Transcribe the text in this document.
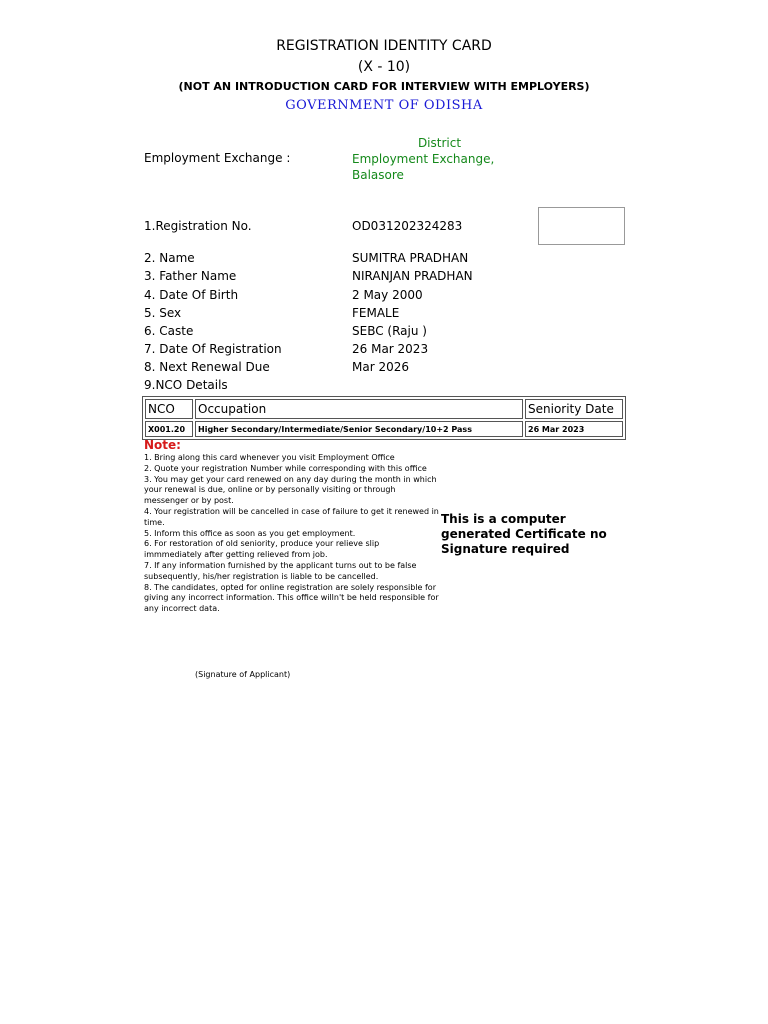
REGISTRATION IDENTITY CARD
(X - 10)
(NOT AN INTRODUCTION CARD FOR INTERVIEW WITH EMPLOYERS)
GOVERNMENT OF ODISHA
Employment Exchange :
District
Employment Exchange,
Balasore
1.Registration No.	OD031202324283
2. Name	SUMITRA PRADHAN
3. Father Name	NIRANJAN PRADHAN
4. Date Of Birth	2 May 2000
5. Sex	FEMALE
6. Caste	SEBC (Raju )
7. Date Of Registration	26 Mar 2023
8. Next Renewal Due	Mar 2026
9.NCO Details
NCO	Occupation	Seniority Date
X001.20	Higher Secondary/Intermediate/Senior Secondary/10+2 Pass	26 Mar 2023
Note:
1. Bring along this card whenever you visit Employment Office
2. Quote your registration Number while corresponding with this office
3. You may get your card renewed on any day during the month in which your renewal is due, online or by personally visiting or through messenger or by post.
4. Your registration will be cancelled in case of failure to get it renewed in time.
5. Inform this office as soon as you get employment.
6. For restoration of old seniority, produce your relieve slip immmediately after getting relieved from job.
7. If any information furnished by the applicant turns out to be false subsequently, his/her registration is liable to be cancelled.
8. The candidates, opted for online registration are solely responsible for giving any incorrect information. This office willn't be held responsible for any incorrect data.
This is a computer generated Certificate no Signature required
(Signature of Applicant)
